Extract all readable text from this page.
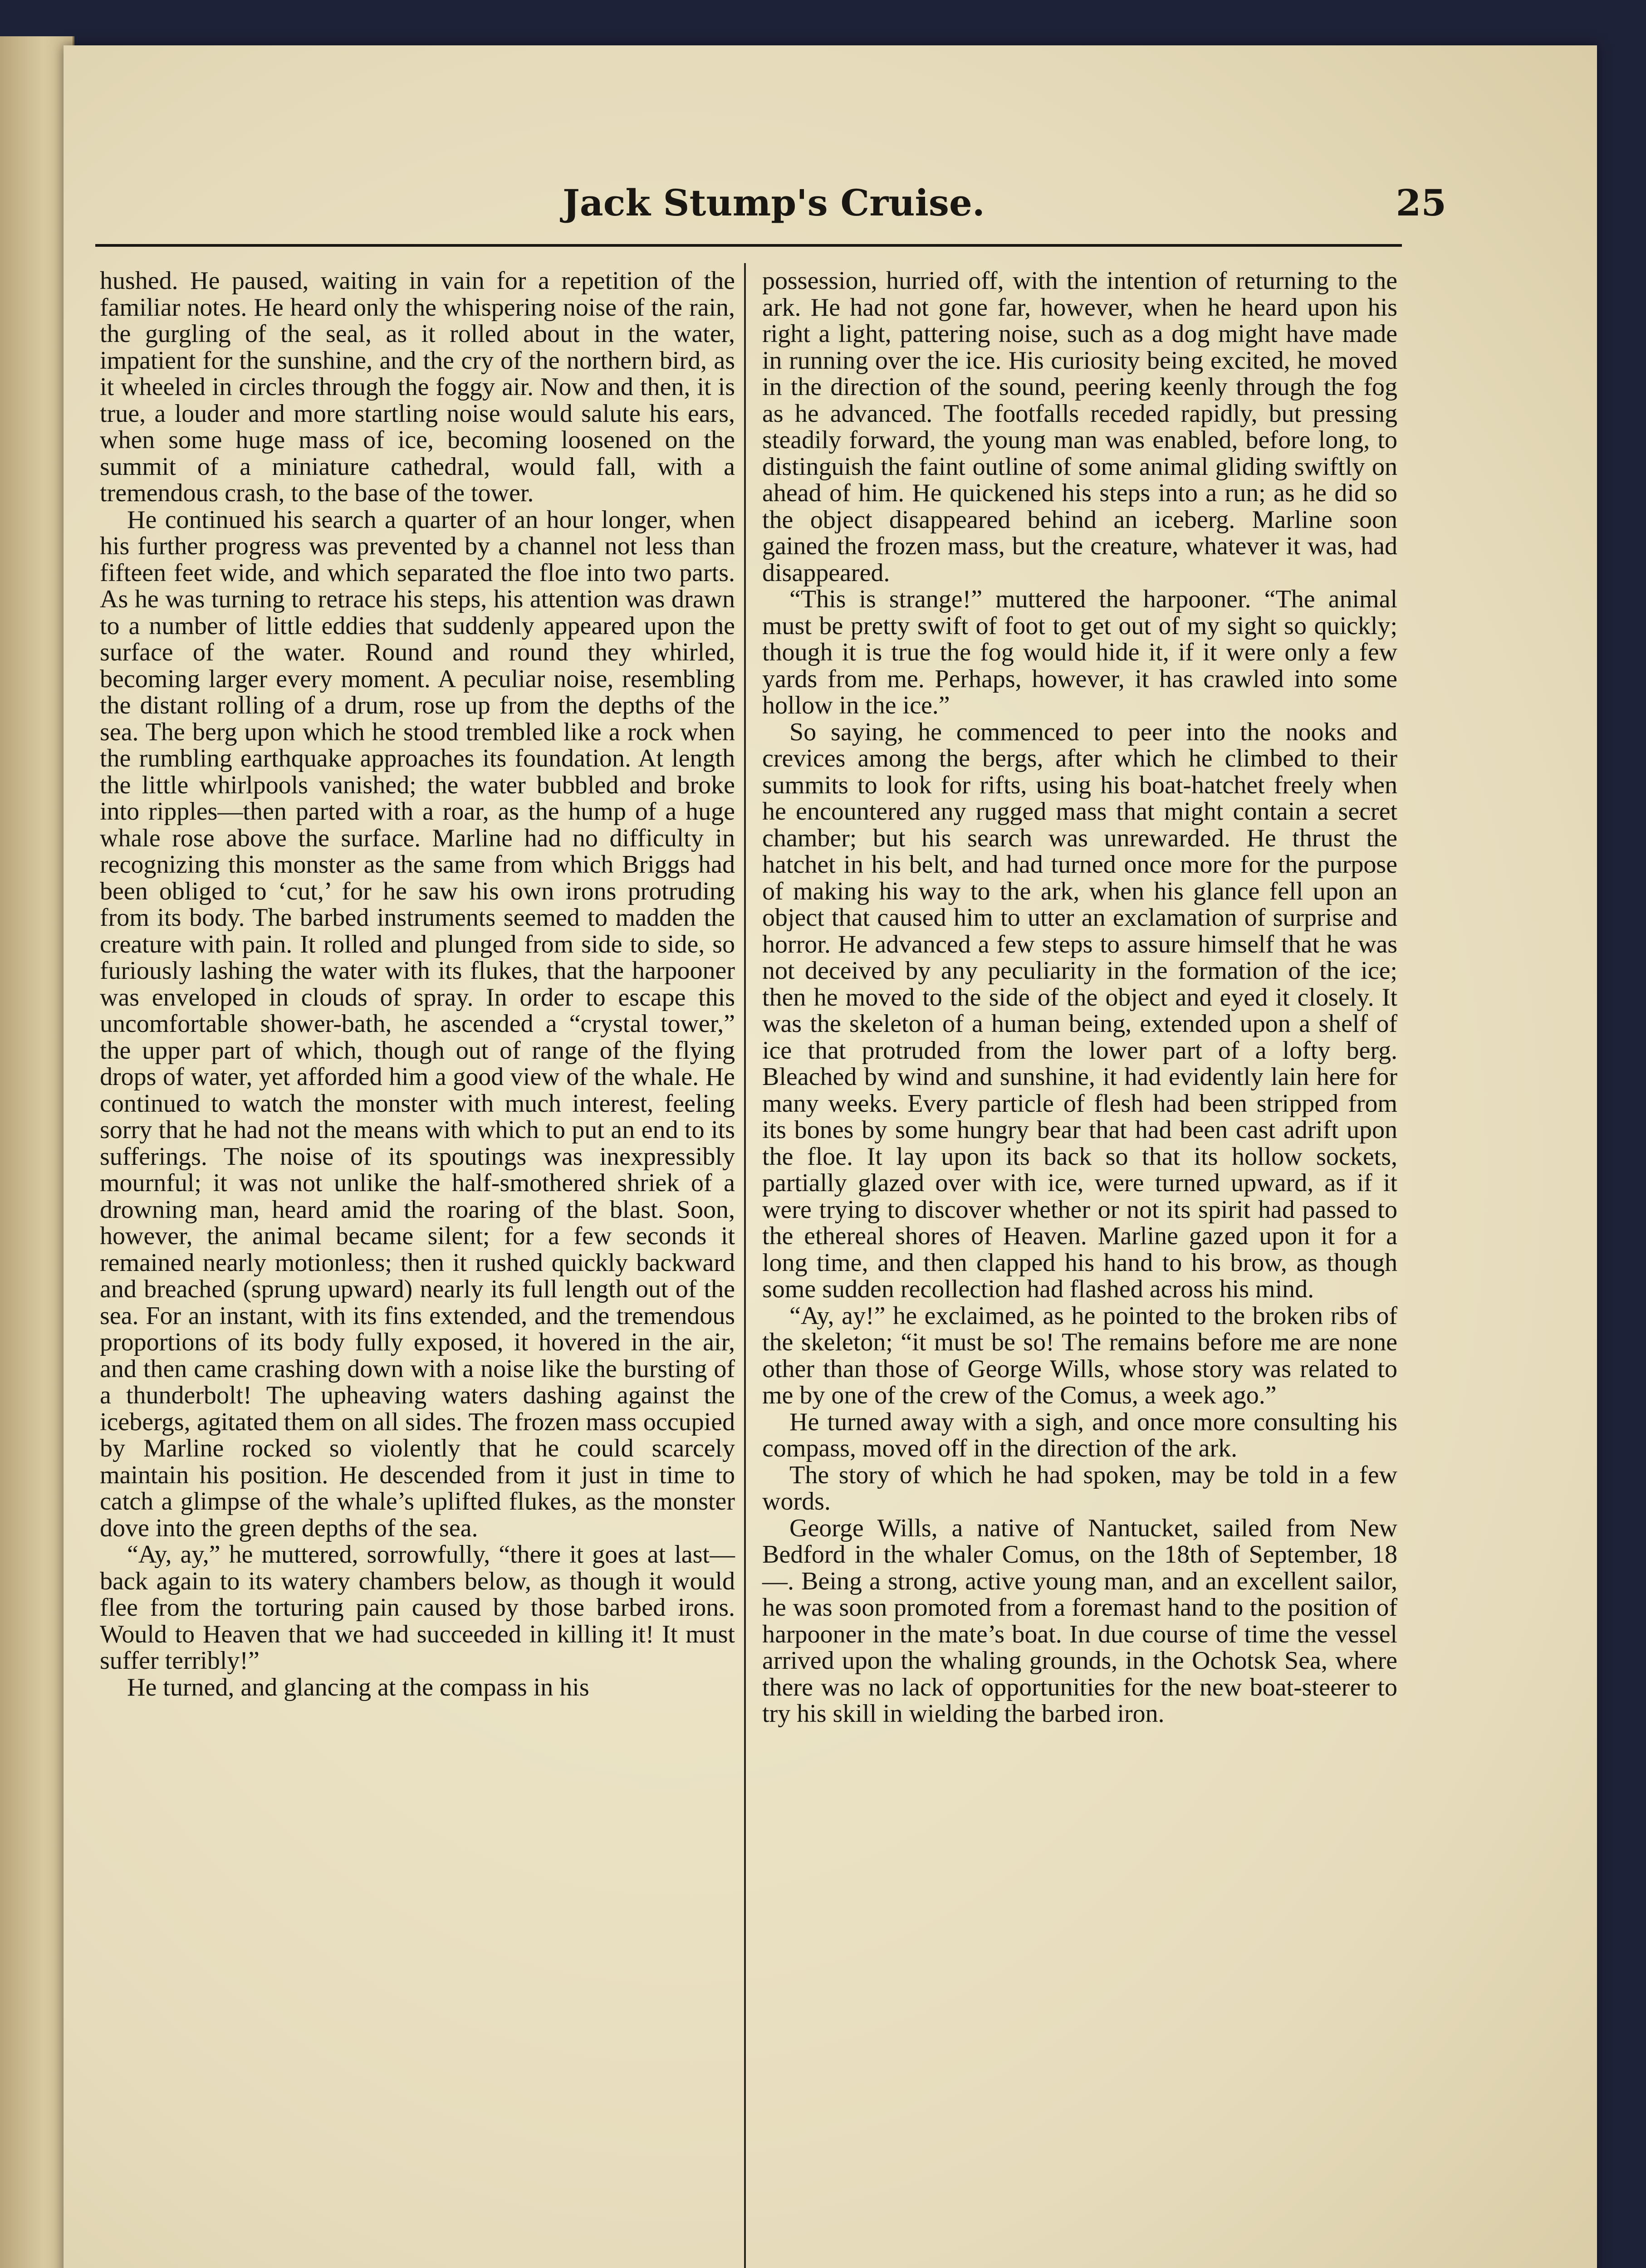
Jack Stump's Cruise.	25

hushed. He paused, waiting in vain for a repetition of the familiar notes. He heard only the whispering noise of the rain, the gurgling of the seal, as it rolled about in the water, impatient for the sunshine, and the cry of the northern bird, as it wheeled in circles through the foggy air. Now and then, it is true, a louder and more startling noise would salute his ears, when some huge mass of ice, becoming loosened on the summit of a miniature cathedral, would fall, with a tremendous crash, to the base of the tower.

He continued his search a quarter of an hour longer, when his further progress was prevented by a channel not less than fifteen feet wide, and which separated the floe into two parts. As he was turning to retrace his steps, his attention was drawn to a number of little eddies that suddenly appeared upon the surface of the water. Round and round they whirled, becoming larger every moment. A peculiar noise, resembling the distant rolling of a drum, rose up from the depths of the sea. The berg upon which he stood trembled like a rock when the rumbling earthquake approaches its foundation. At length the little whirlpools vanished; the water bubbled and broke into ripples—then parted with a roar, as the hump of a huge whale rose above the surface. Marline had no difficulty in recognizing this monster as the same from which Briggs had been obliged to ‘cut,’ for he saw his own irons protruding from its body. The barbed instruments seemed to madden the creature with pain. It rolled and plunged from side to side, so furiously lashing the water with its flukes, that the harpooner was enveloped in clouds of spray. In order to escape this uncomfortable shower-bath, he ascended a “crystal tower,” the upper part of which, though out of range of the flying drops of water, yet afforded him a good view of the whale. He continued to watch the monster with much interest, feeling sorry that he had not the means with which to put an end to its sufferings. The noise of its spoutings was inexpressibly mournful; it was not unlike the half-smothered shriek of a drowning man, heard amid the roaring of the blast. Soon, however, the animal became silent; for a few seconds it remained nearly motionless; then it rushed quickly backward and breached (sprung upward) nearly its full length out of the sea. For an instant, with its fins extended, and the tremendous proportions of its body fully exposed, it hovered in the air, and then came crashing down with a noise like the bursting of a thunderbolt! The upheaving waters dashing against the icebergs, agitated them on all sides. The frozen mass occupied by Marline rocked so violently that he could scarcely maintain his position. He descended from it just in time to catch a glimpse of the whale’s uplifted flukes, as the monster dove into the green depths of the sea.

“Ay, ay,” he muttered, sorrowfully, “there it goes at last—back again to its watery chambers below, as though it would flee from the torturing pain caused by those barbed irons. Would to Heaven that we had succeeded in killing it! It must suffer terribly!”

He turned, and glancing at the compass in his

possession, hurried off, with the intention of returning to the ark. He had not gone far, however, when he heard upon his right a light, pattering noise, such as a dog might have made in running over the ice. His curiosity being excited, he moved in the direction of the sound, peering keenly through the fog as he advanced. The footfalls receded rapidly, but pressing steadily forward, the young man was enabled, before long, to distinguish the faint outline of some animal gliding swiftly on ahead of him. He quickened his steps into a run; as he did so the object disappeared behind an iceberg. Marline soon gained the frozen mass, but the creature, whatever it was, had disappeared.

“This is strange!” muttered the harpooner. “The animal must be pretty swift of foot to get out of my sight so quickly; though it is true the fog would hide it, if it were only a few yards from me. Perhaps, however, it has crawled into some hollow in the ice.”

So saying, he commenced to peer into the nooks and crevices among the bergs, after which he climbed to their summits to look for rifts, using his boat-hatchet freely when he encountered any rugged mass that might contain a secret chamber; but his search was unrewarded. He thrust the hatchet in his belt, and had turned once more for the purpose of making his way to the ark, when his glance fell upon an object that caused him to utter an exclamation of surprise and horror. He advanced a few steps to assure himself that he was not deceived by any peculiarity in the formation of the ice; then he moved to the side of the object and eyed it closely. It was the skeleton of a human being, extended upon a shelf of ice that protruded from the lower part of a lofty berg. Bleached by wind and sunshine, it had evidently lain here for many weeks. Every particle of flesh had been stripped from its bones by some hungry bear that had been cast adrift upon the floe. It lay upon its back so that its hollow sockets, partially glazed over with ice, were turned upward, as if it were trying to discover whether or not its spirit had passed to the ethereal shores of Heaven. Marline gazed upon it for a long time, and then clapped his hand to his brow, as though some sudden recollection had flashed across his mind.

“Ay, ay!” he exclaimed, as he pointed to the broken ribs of the skeleton; “it must be so! The remains before me are none other than those of George Wills, whose story was related to me by one of the crew of the Comus, a week ago.”

He turned away with a sigh, and once more consulting his compass, moved off in the direction of the ark.

The story of which he had spoken, may be told in a few words.

George Wills, a native of Nantucket, sailed from New Bedford in the whaler Comus, on the 18th of September, 18—. Being a strong, active young man, and an excellent sailor, he was soon promoted from a foremast hand to the position of harpooner in the mate’s boat. In due course of time the vessel arrived upon the whaling grounds, in the Ochotsk Sea, where there was no lack of opportunities for the new boat-steerer to try his skill in wielding the barbed iron.
